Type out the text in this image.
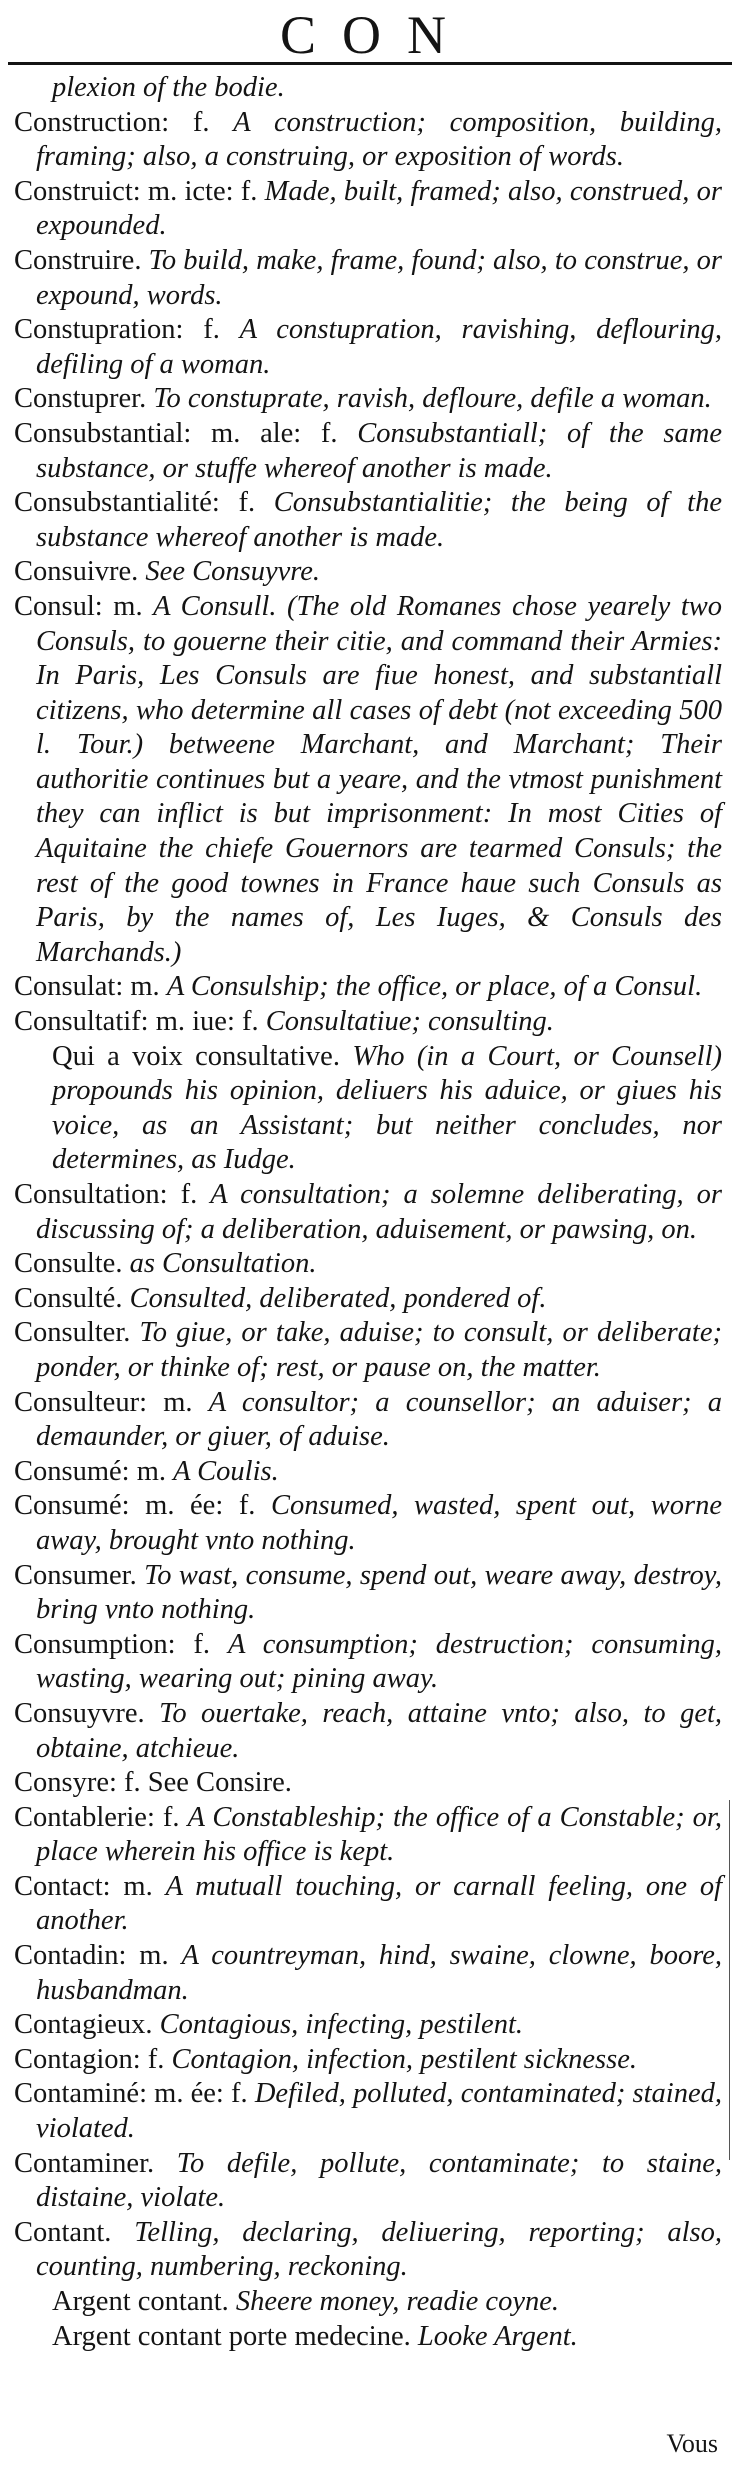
CON

plexion of the bodie.

Construction: f. A construction; composition, building, framing; also, a construing, or exposition of words.

Construict: m. icte: f. Made, built, framed; also, construed, or expounded.

Construire. To build, make, frame, found; also, to construe, or expound, words.

Constupration: f. A constupration, ravishing, deflouring, defiling of a woman.

Constuprer. To constuprate, ravish, defloure, defile a woman.

Consubstantial: m. ale: f. Consubstantiall; of the same substance, or stuffe whereof another is made.

Consubstantialité: f. Consubstantialitie; the being of the substance whereof another is made.

Consuivre. See Consuyvre.

Consul: m. A Consull. (The old Romanes chose yearely two Consuls, to gouerne their citie, and command their Armies: In Paris, Les Consuls are fiue honest, and substantiall citizens, who determine all cases of debt (not exceeding 500 l. Tour.) betweene Marchant, and Marchant; Their authoritie continues but a yeare, and the vtmost punishment they can inflict is but imprisonment: In most Cities of Aquitaine the chiefe Gouernors are tearmed Consuls; the rest of the good townes in France haue such Consuls as Paris, by the names of, Les Iuges, & Consuls des Marchands.)

Consulat: m. A Consulship; the office, or place, of a Consul.

Consultatif: m. iue: f. Consultatiue; consulting.

Qui a voix consultative. Who (in a Court, or Counsell) propounds his opinion, deliuers his aduice, or giues his voice, as an Assistant; but neither concludes, nor determines, as Iudge.

Consultation: f. A consultation; a solemne deliberating, or discussing of; a deliberation, aduisement, or pawsing, on.

Consulte. as Consultation.

Consulté. Consulted, deliberated, pondered of.

Consulter. To giue, or take, aduise; to consult, or deliberate; ponder, or thinke of; rest, or pause on, the matter.

Consulteur: m. A consultor; a counsellor; an aduiser; a demaunder, or giuer, of aduise.

Consumé: m. A Coulis.

Consumé: m. ée: f. Consumed, wasted, spent out, worne away, brought vnto nothing.

Consumer. To wast, consume, spend out, weare away, destroy, bring vnto nothing.

Consumption: f. A consumption; destruction; consuming, wasting, wearing out; pining away.

Consuyvre. To ouertake, reach, attaine vnto; also, to get, obtaine, atchieue.

Consyre: f. See Consire.

Contablerie: f. A Constableship; the office of a Constable; or, place wherein his office is kept.

Contact: m. A mutuall touching, or carnall feeling, one of another.

Contadin: m. A countreyman, hind, swaine, clowne, boore, husbandman.

Contagieux. Contagious, infecting, pestilent.

Contagion: f. Contagion, infection, pestilent sicknesse.

Contaminé: m. ée: f. Defiled, polluted, contaminated; stained, violated.

Contaminer. To defile, pollute, contaminate; to staine, distaine, violate.

Contant. Telling, declaring, deliuering, reporting; also, counting, numbering, reckoning.

Argent contant. Sheere money, readie coyne.

Argent contant porte medecine. Looke Argent.

Vous
